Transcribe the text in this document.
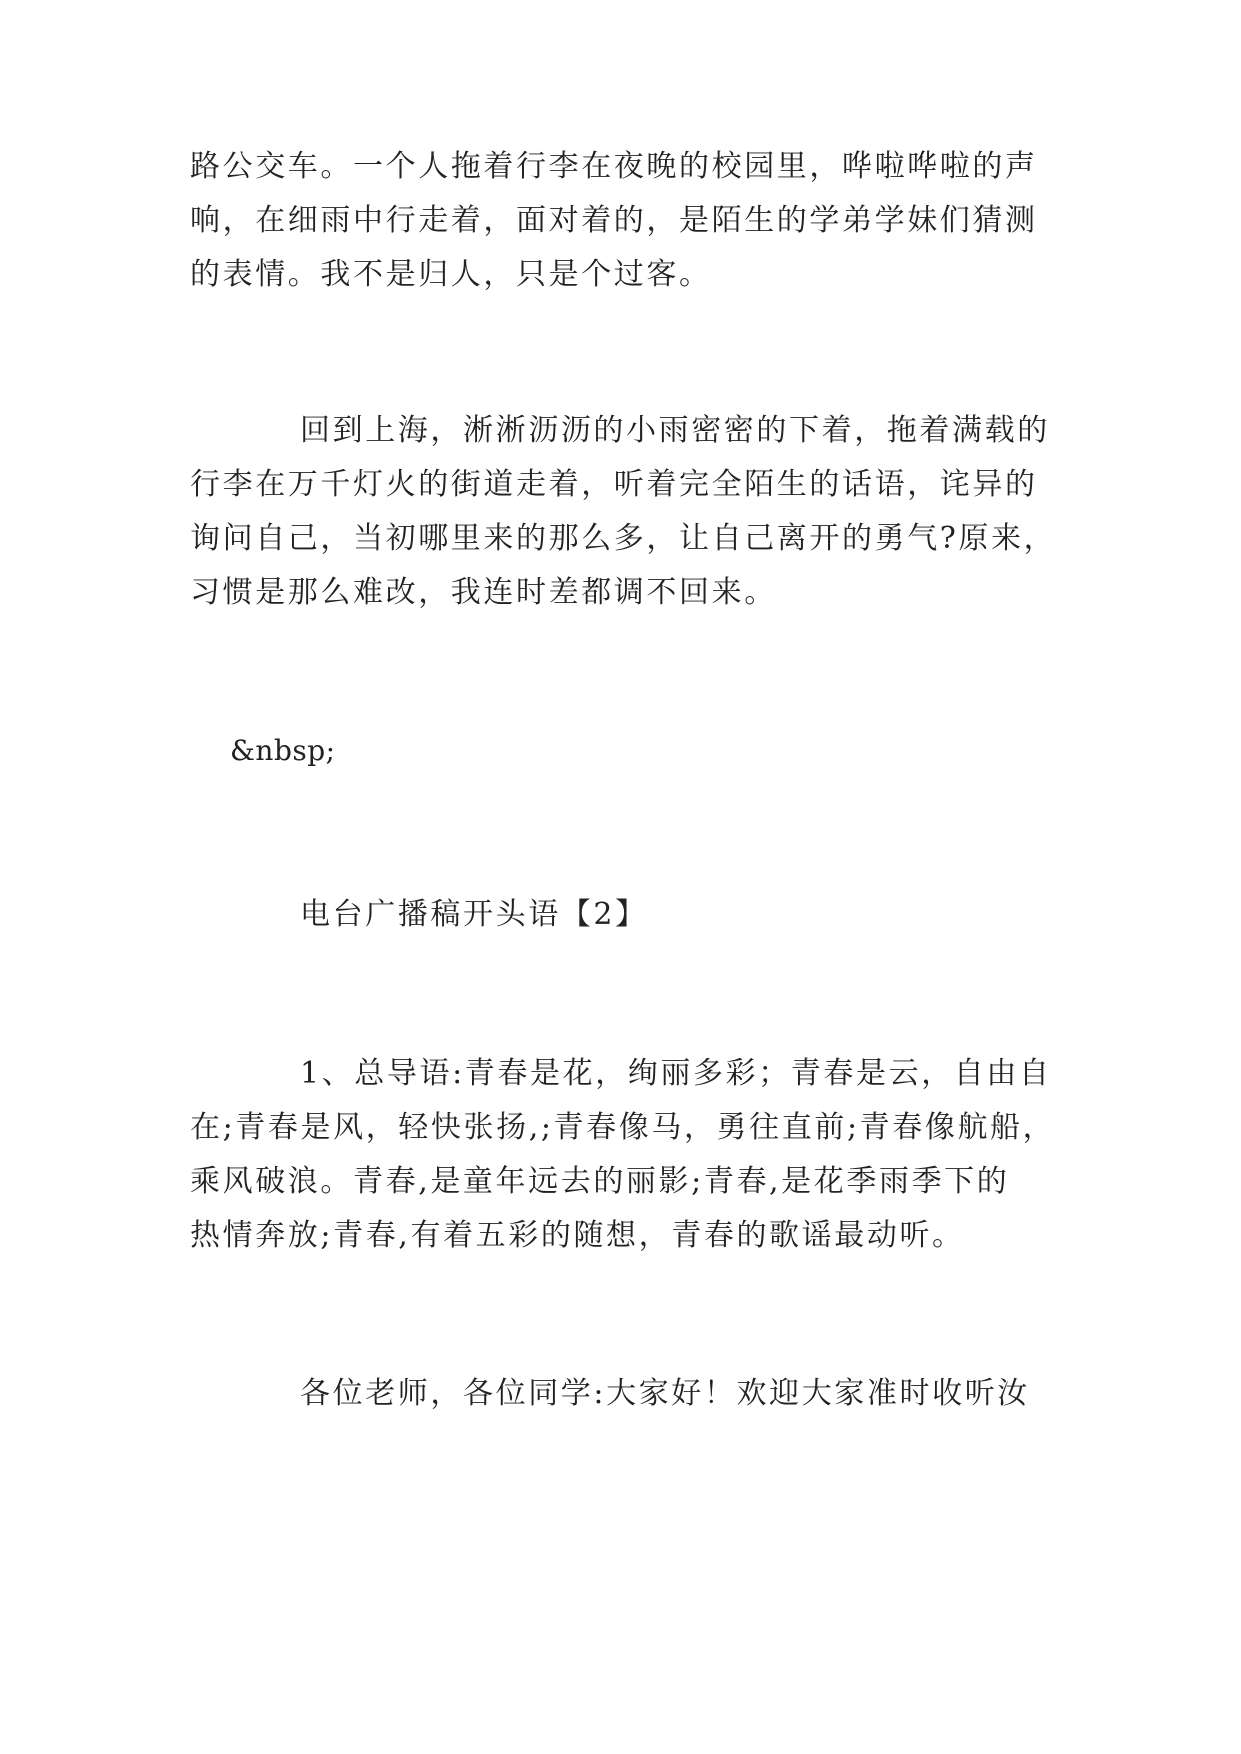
路公交车。一个人拖着行李在夜晚的校园里，哗啦哗啦的声
响，在细雨中行走着，面对着的，是陌生的学弟学妹们猜测
的表情。我不是归人，只是个过客。
回到上海，淅淅沥沥的小雨密密的下着，拖着满载的
行李在万千灯火的街道走着，听着完全陌生的话语，诧异的
询问自己，当初哪里来的那么多，让自己离开的勇气?原来，
习惯是那么难改，我连时差都调不回来。
&nbsp;
电台广播稿开头语【2】
1、总导语:青春是花，绚丽多彩；青春是云，自由自
在;青春是风，轻快张扬,;青春像马，勇往直前;青春像航船，
乘风破浪。青春,是童年远去的丽影;青春,是花季雨季下的
热情奔放;青春,有着五彩的随想，青春的歌谣最动听。
各位老师，各位同学:大家好！欢迎大家准时收听汝
